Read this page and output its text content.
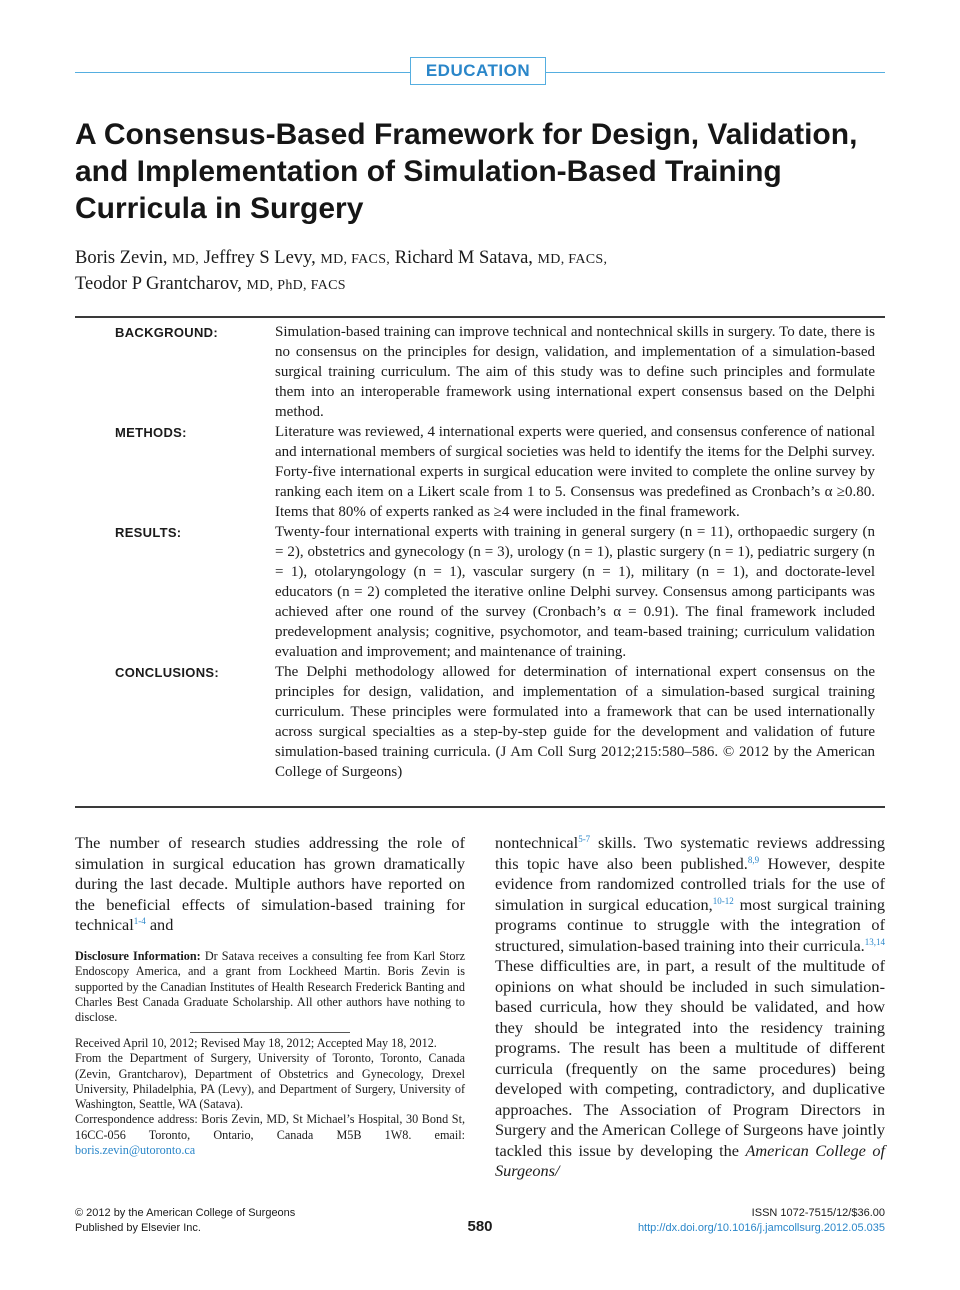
EDUCATION
A Consensus-Based Framework for Design, Validation, and Implementation of Simulation-Based Training Curricula in Surgery
Boris Zevin, MD, Jeffrey S Levy, MD, FACS, Richard M Satava, MD, FACS,
Teodor P Grantcharov, MD, PhD, FACS
BACKGROUND:	Simulation-based training can improve technical and nontechnical skills in surgery. To date, there is no consensus on the principles for design, validation, and implementation of a simulation-based surgical training curriculum. The aim of this study was to define such principles and formulate them into an interoperable framework using international expert consensus based on the Delphi method.
METHODS:	Literature was reviewed, 4 international experts were queried, and consensus conference of national and international members of surgical societies was held to identify the items for the Delphi survey. Forty-five international experts in surgical education were invited to complete the online survey by ranking each item on a Likert scale from 1 to 5. Consensus was predefined as Cronbach’s α ≥0.80. Items that 80% of experts ranked as ≥4 were included in the final framework.
RESULTS:	Twenty-four international experts with training in general surgery (n = 11), orthopaedic surgery (n = 2), obstetrics and gynecology (n = 3), urology (n = 1), plastic surgery (n = 1), pediatric surgery (n = 1), otolaryngology (n = 1), vascular surgery (n = 1), military (n = 1), and doctorate-level educators (n = 2) completed the iterative online Delphi survey. Consensus among participants was achieved after one round of the survey (Cronbach’s α = 0.91). The final framework included predevelopment analysis; cognitive, psychomotor, and team-based training; curriculum validation evaluation and improvement; and maintenance of training.
CONCLUSIONS:	The Delphi methodology allowed for determination of international expert consensus on the principles for design, validation, and implementation of a simulation-based surgical training curriculum. These principles were formulated into a framework that can be used internationally across surgical specialties as a step-by-step guide for the development and validation of future simulation-based training curricula. (J Am Coll Surg 2012;215:580–586. © 2012 by the American College of Surgeons)

The number of research studies addressing the role of simulation in surgical education has grown dramatically during the last decade. Multiple authors have reported on the beneficial effects of simulation-based training for technical$^{1-4}$ and

Disclosure Information: Dr Satava receives a consulting fee from Karl Storz Endoscopy America, and a grant from Lockheed Martin. Boris Zevin is supported by the Canadian Institutes of Health Research Frederick Banting and Charles Best Canada Graduate Scholarship. All other authors have nothing to disclose.
Received April 10, 2012; Revised May 18, 2012; Accepted May 18, 2012.
From the Department of Surgery, University of Toronto, Toronto, Canada (Zevin, Grantcharov), Department of Obstetrics and Gynecology, Drexel University, Philadelphia, PA (Levy), and Department of Surgery, University of Washington, Seattle, WA (Satava).
Correspondence address: Boris Zevin, MD, St Michael’s Hospital, 30 Bond St, 16CC-056 Toronto, Ontario, Canada M5B 1W8. email: boris.zevin@utoronto.ca

nontechnical$^{5-7}$ skills. Two systematic reviews addressing this topic have also been published.$^{8,9}$ However, despite evidence from randomized controlled trials for the use of simulation in surgical education,$^{10-12}$ most surgical training programs continue to struggle with the integration of structured, simulation-based training into their curricula.$^{13,14}$ These difficulties are, in part, a result of the multitude of opinions on what should be included in such simulation-based curricula, how they should be validated, and how they should be integrated into the residency training programs. The result has been a multitude of different curricula (frequently on the same procedures) being developed with competing, contradictory, and duplicative approaches. The Association of Program Directors in Surgery and the American College of Surgeons have jointly tackled this issue by developing the American College of Surgeons/

© 2012 by the American College of Surgeons
Published by Elsevier Inc.	580
ISSN 1072-7515/12/$36.00
http://dx.doi.org/10.1016/j.jamcollsurg.2012.05.035
